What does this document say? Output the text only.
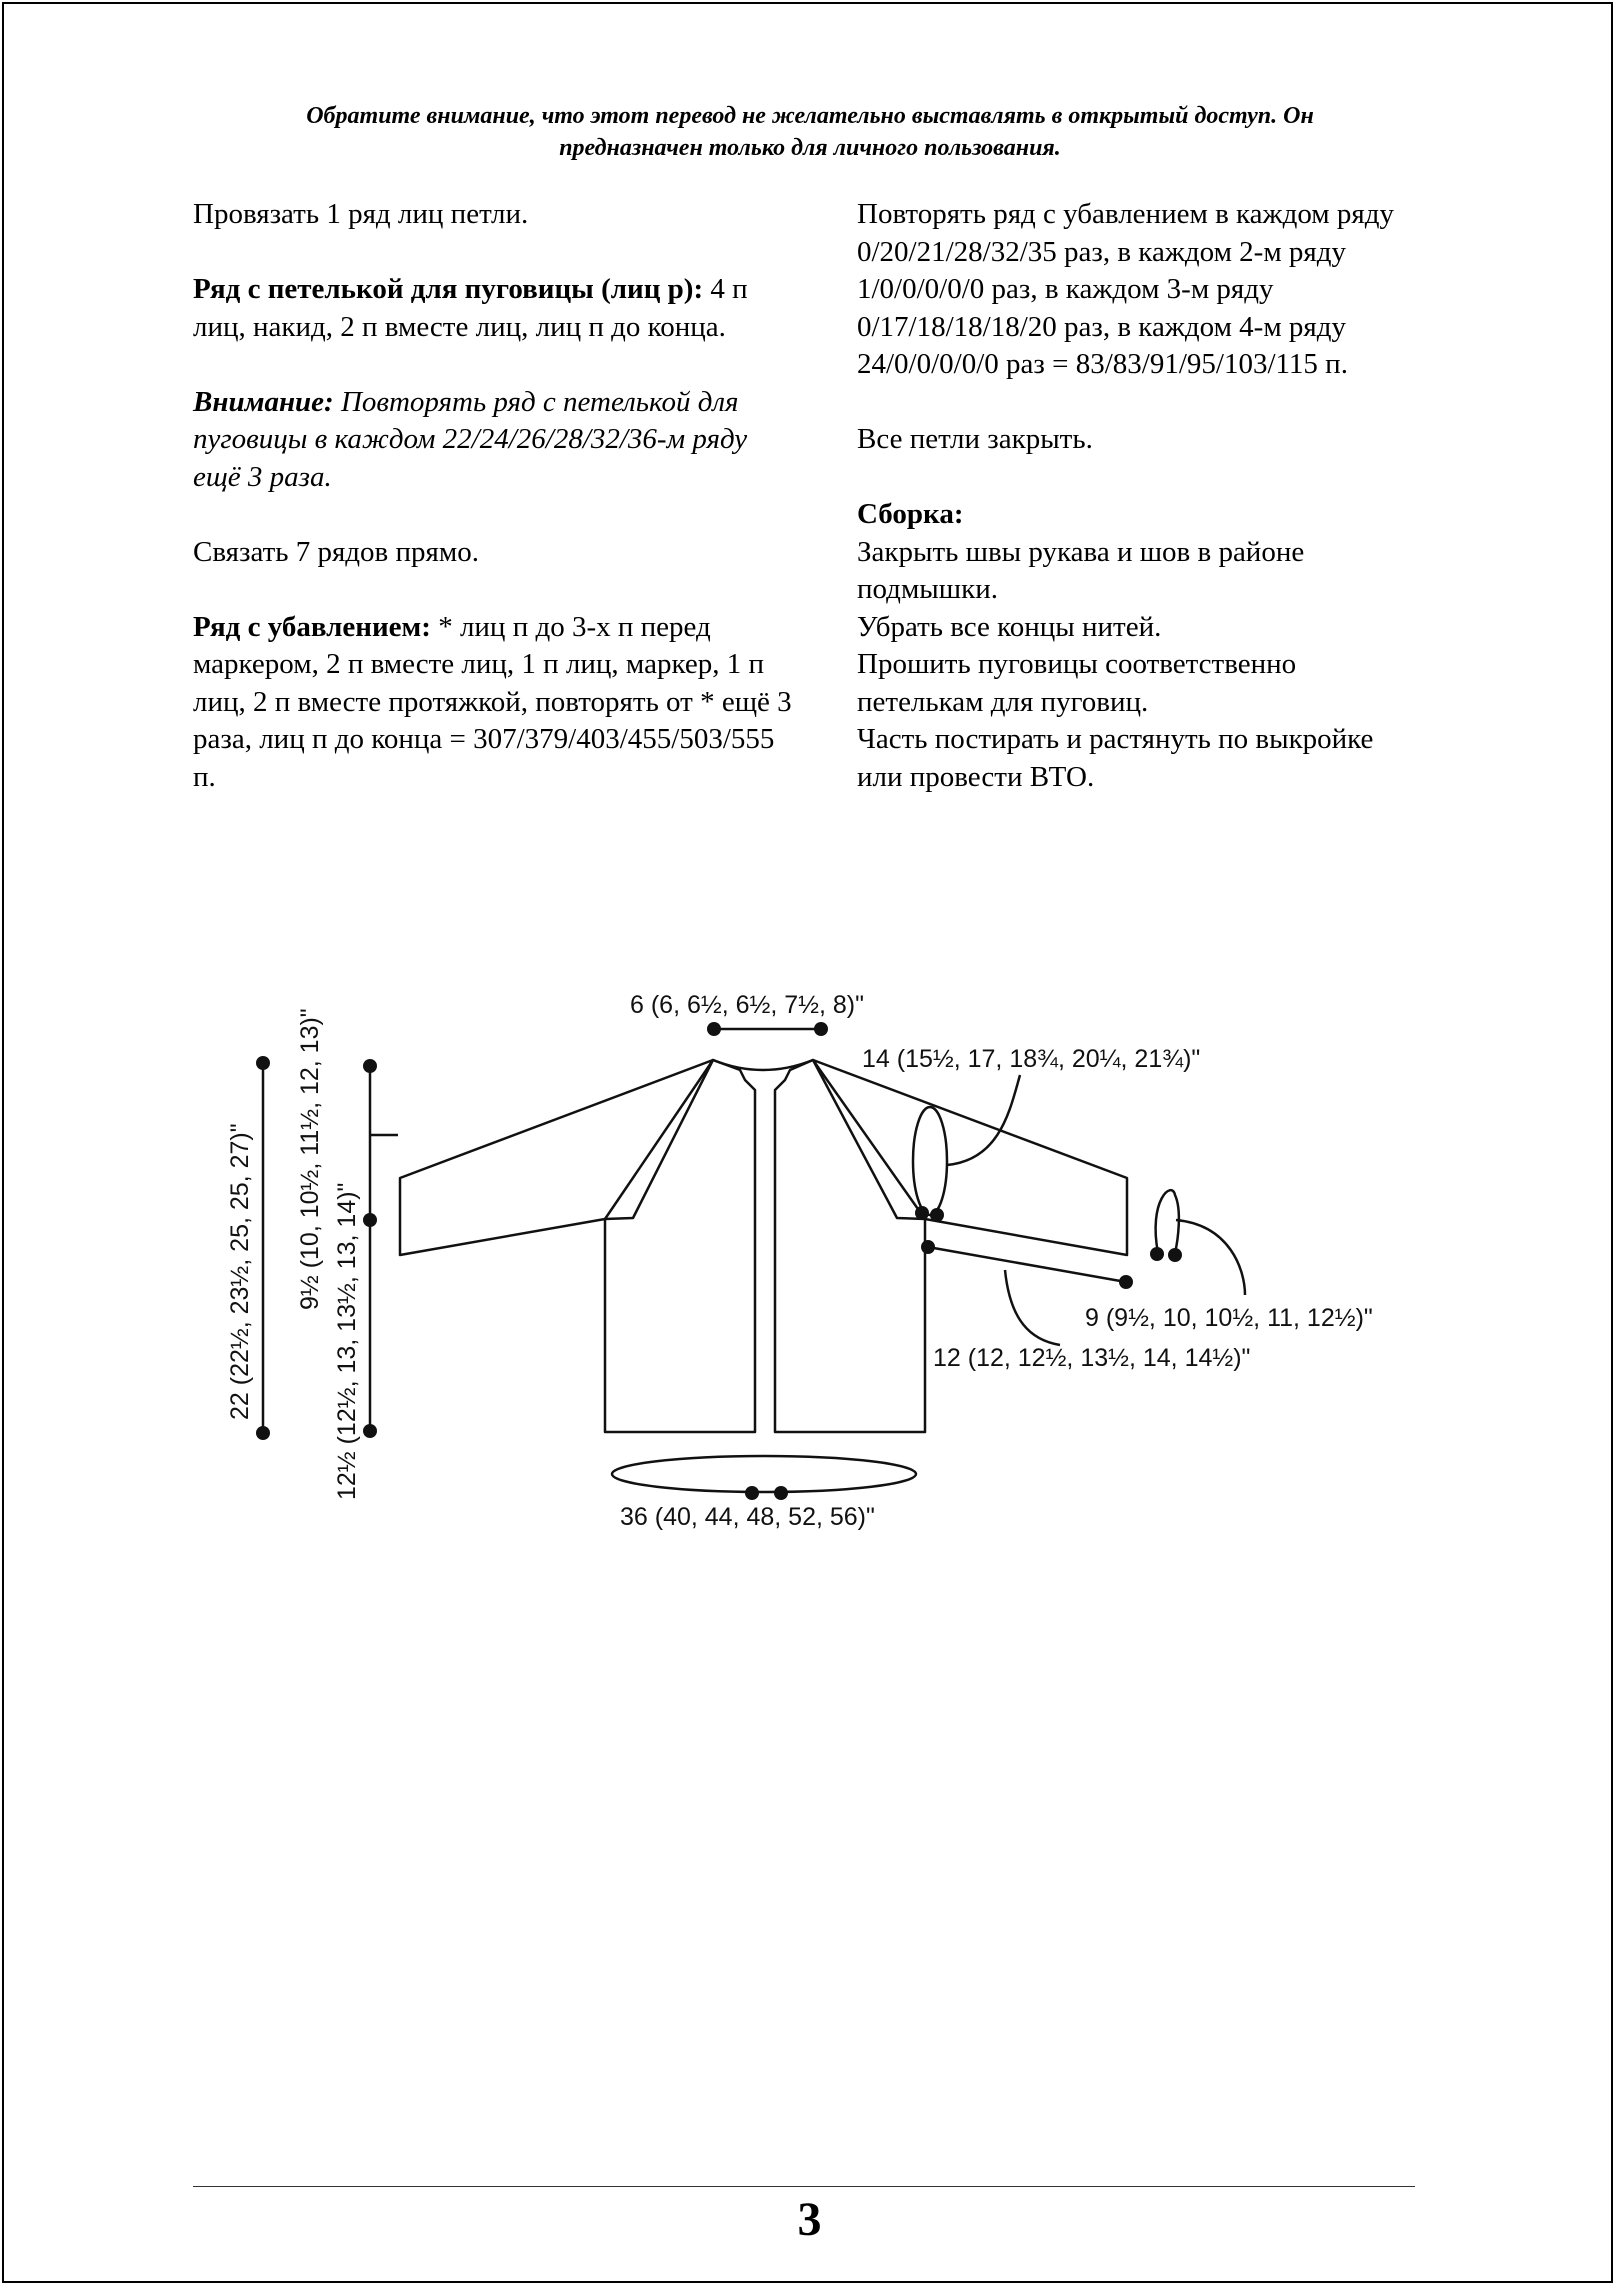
Обратите внимание, что этот перевод не желательно выставлять в открытый доступ. Он
предназначен только для личного пользования.

Провязать 1 ряд лиц петли.

Ряд с петелькой для пуговицы (лиц р): 4 п лиц, накид, 2 п вместе лиц, лиц п до конца.

Внимание: Повторять ряд с петелькой для пуговицы в каждом 22/24/26/28/32/36-м ряду ещё 3 раза.

Связать 7 рядов прямо.

Ряд с убавлением: * лиц п до 3-х п перед маркером, 2 п вместе лиц, 1 п лиц, маркер, 1 п лиц, 2 п вместе протяжкой, повторять от * ещё 3 раза, лиц п до конца = 307/379/403/455/503/555 п.

Повторять ряд с убавлением в каждом ряду 0/20/21/28/32/35 раз, в каждом 2-м ряду 1/0/0/0/0/0 раз, в каждом 3-м ряду 0/17/18/18/18/20 раз, в каждом 4-м ряду 24/0/0/0/0/0 раз = 83/83/91/95/103/115 п.

Все петли закрыть.

Сборка:
Закрыть швы рукава и шов в районе подмышки.
Убрать все концы нитей.
Прошить пуговицы соответственно петелькам для пуговиц.
Часть постирать и растянуть по выкройке или провести ВТО.
6 (6, 6½, 6½, 7½, 8)"
14 (15½, 17, 18¾, 20¼, 21¾)"
9 (9½, 10, 10½, 11, 12½)"
12 (12, 12½, 13½, 14, 14½)"
36 (40, 44, 48, 52, 56)"
22 (22½, 23½, 25, 25, 27)" 9½ (10, 10½, 11½, 12, 13)"
12½ (12½, 13, 13½, 13, 14)"
3
